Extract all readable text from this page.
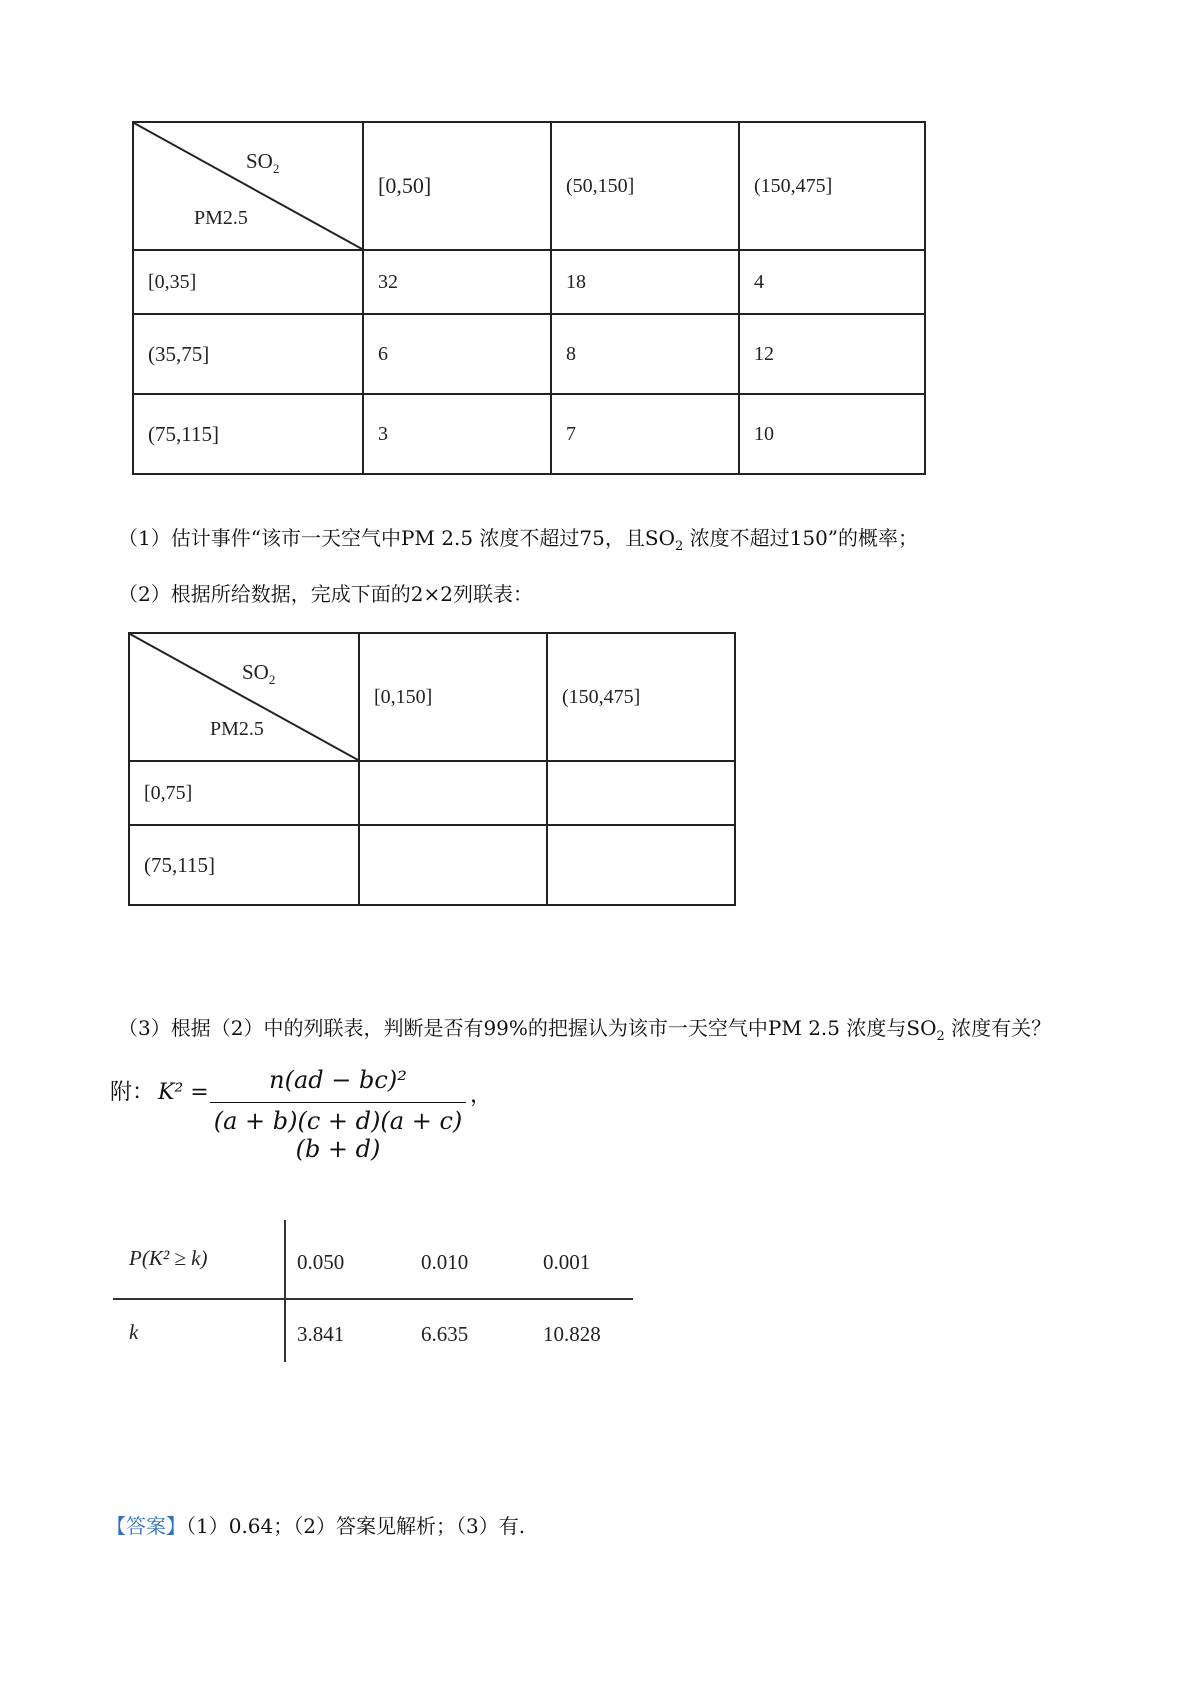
$SO_2$
PM2.5	[0,50]	(50,150]	(150,475]
[0,35]	32	18	4
(35,75]	6	8	12
(75,115]	3	7	10
（1）估计事件“该市一天空气中PM 2.5 浓度不超过75，且$SO_2$ 浓度不超过150”的概率；
（2）根据所给数据，完成下面的2×2列联表：
$SO_2$
PM2.5	[0,150]	(150,475]
[0,75]		
(75,115]		
（3）根据（2）中的列联表，判断是否有99%的把握认为该市一天空气中PM 2.5 浓度与$SO_2$ 浓度有关？
附： K² =	n(ad − bc)²
(a + b)(c + d)(a + c)(b + d)
，
P(K² ≥ k)	0.050	0.010	0.001
k	3.841	6.635	10.828
【答案】（1）0.64；（2）答案见解析；（3）有.
